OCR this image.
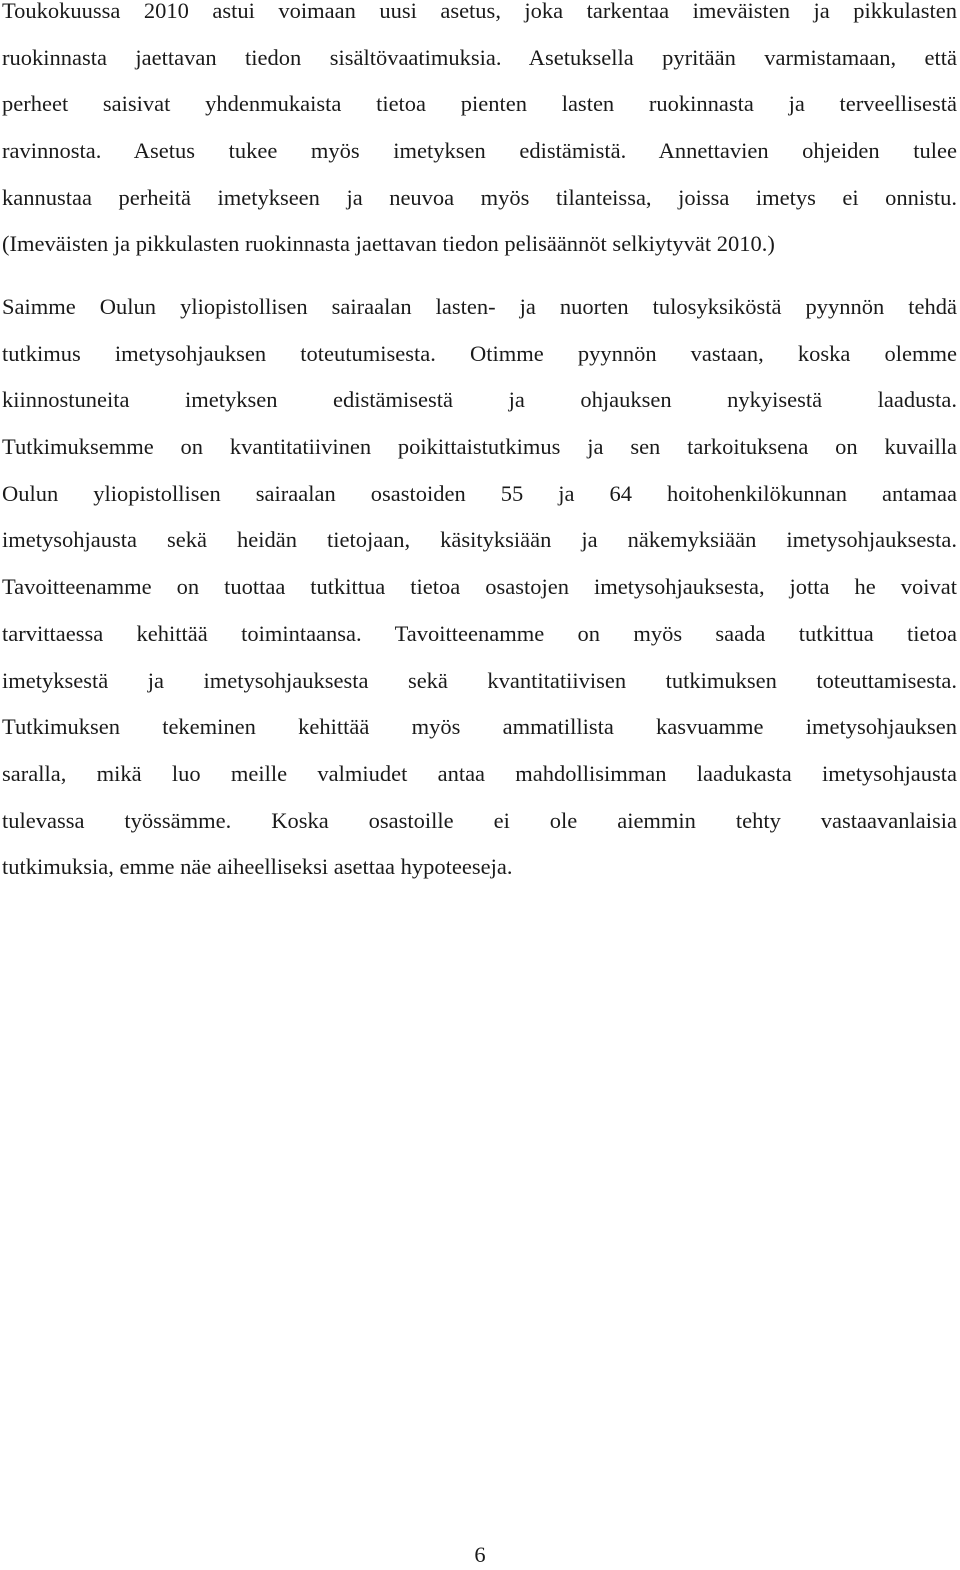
Toukokuussa 2010 astui voimaan uusi asetus, joka tarkentaa imeväisten ja pikkulasten
ruokinnasta jaettavan tiedon sisältövaatimuksia. Asetuksella pyritään varmistamaan, että
perheet saisivat yhdenmukaista tietoa pienten lasten ruokinnasta ja terveellisestä
ravinnosta. Asetus tukee myös imetyksen edistämistä. Annettavien ohjeiden tulee
kannustaa perheitä imetykseen ja neuvoa myös tilanteissa, joissa imetys ei onnistu.
(Imeväisten ja pikkulasten ruokinnasta jaettavan tiedon pelisäännöt selkiytyvät 2010.)

Saimme Oulun yliopistollisen sairaalan lasten- ja nuorten tulosyksiköstä pyynnön tehdä
tutkimus imetysohjauksen toteutumisesta. Otimme pyynnön vastaan, koska olemme
kiinnostuneita imetyksen edistämisestä ja ohjauksen nykyisestä laadusta.
Tutkimuksemme on kvantitatiivinen poikittaistutkimus ja sen tarkoituksena on kuvailla
Oulun yliopistollisen sairaalan osastoiden 55 ja 64 hoitohenkilökunnan antamaa
imetysohjausta sekä heidän tietojaan, käsityksiään ja näkemyksiään imetysohjauksesta.
Tavoitteenamme on tuottaa tutkittua tietoa osastojen imetysohjauksesta, jotta he voivat
tarvittaessa kehittää toimintaansa. Tavoitteenamme on myös saada tutkittua tietoa
imetyksestä ja imetysohjauksesta sekä kvantitatiivisen tutkimuksen toteuttamisesta.
Tutkimuksen tekeminen kehittää myös ammatillista kasvuamme imetysohjauksen
saralla, mikä luo meille valmiudet antaa mahdollisimman laadukasta imetysohjausta
tulevassa työssämme. Koska osastoille ei ole aiemmin tehty vastaavanlaisia
tutkimuksia, emme näe aiheelliseksi asettaa hypoteeseja.

6
